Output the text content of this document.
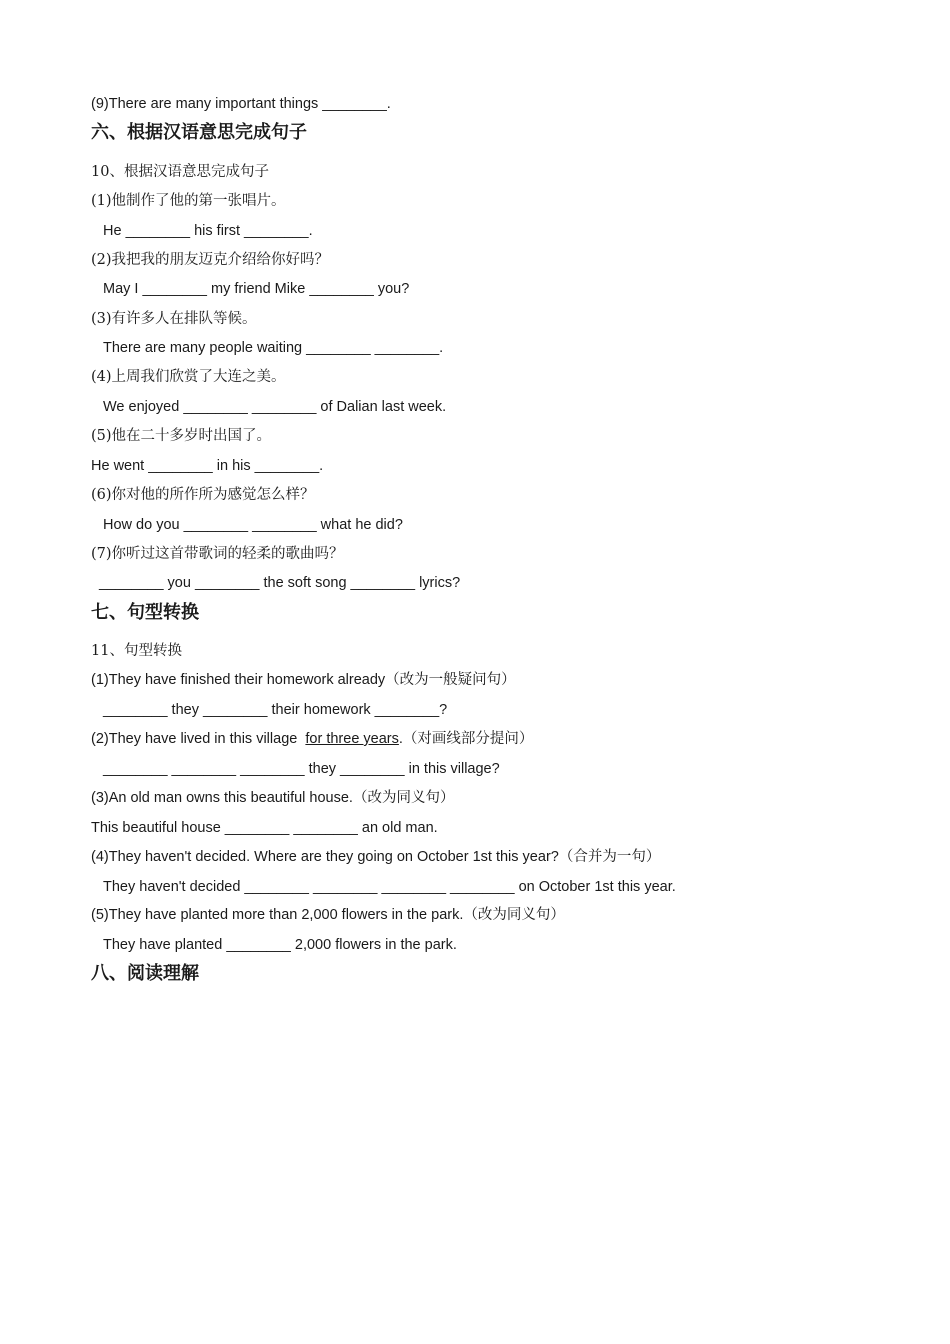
(9)There are many important things ________.
六、根据汉语意思完成句子
10、根据汉语意思完成句子
(1)他制作了他的第一张唱片。
He ________ his first ________.
(2)我把我的朋友迈克介绍给你好吗？
May I ________ my friend Mike ________ you?
(3)有许多人在排队等候。
There are many people waiting ________ ________.
(4)上周我们欣赏了大连之美。
We enjoyed ________ ________ of Dalian last week.
(5)他在二十多岁时出国了。
He went ________ in his ________.
(6)你对他的所作所为感觉怎么样？
How do you ________ ________ what he did?
(7)你听过这首带歌词的轻柔的歌曲吗？
________ you ________ the soft song ________ lyrics?
七、句型转换
11、句型转换
(1)They have finished their homework already（改为一般疑问句）
________ they ________ their homework ________?
(2)They have lived in this village  for three years.（对画线部分提问）
________ ________ ________ they ________ in this village?
(3)An old man owns this beautiful house.（改为同义句）
This beautiful house ________ ________ an old man.
(4)They haven't decided. Where are they going on October 1st this year?（合并为一句）
They haven't decided ________ ________ ________ ________ on October 1st this year.
(5)They have planted more than 2,000 flowers in the park.（改为同义句）
They have planted ________ 2,000 flowers in the park.
八、阅读理解
